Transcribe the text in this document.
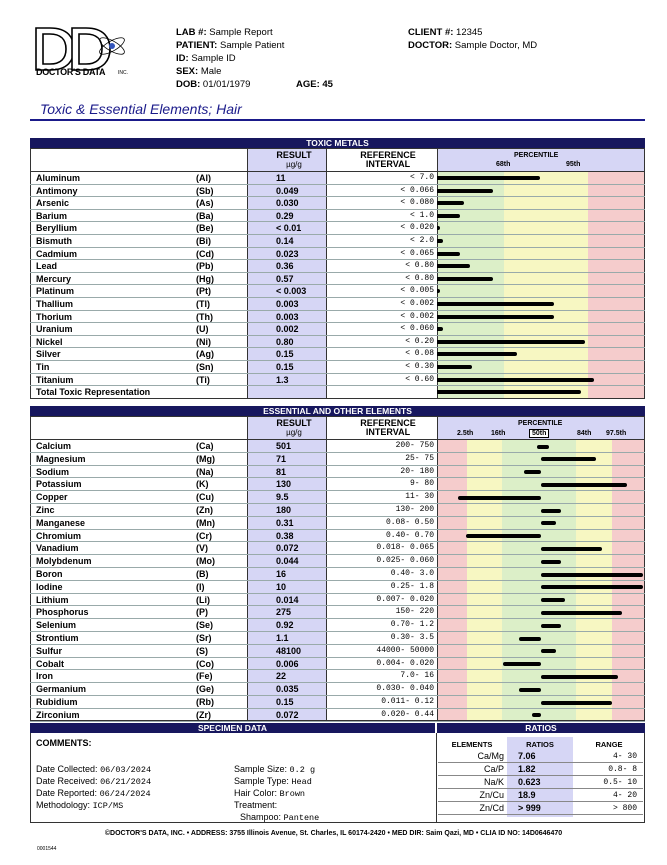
DOCTOR'S DATA	INC.
LAB #: Sample Report
PATIENT: Sample Patient
ID: Sample ID
SEX: Male
DOB: 01/01/1979	AGE: 45
CLIENT #: 12345
DOCTOR: Sample Doctor, MD
Toxic & Essential Elements; Hair
TOXIC METALS
RESULT
µg/g
REFERENCE
INTERVAL
PERCENTILE
68th	95th
Aluminum	(Al)	11	< 7.0
Antimony	(Sb)	0.049	< 0.066
Arsenic	(As)	0.030	< 0.080
Barium	(Ba)	0.29	< 1.0
Beryllium	(Be)	< 0.01	< 0.020
Bismuth	(Bi)	0.14	< 2.0
Cadmium	(Cd)	0.023	< 0.065
Lead	(Pb)	0.36	< 0.80
Mercury	(Hg)	0.57	< 0.80
Platinum	(Pt)	< 0.003	< 0.005
Thallium	(Tl)	0.003	< 0.002
Thorium	(Th)	0.003	< 0.002
Uranium	(U)	0.002	< 0.060
Nickel	(Ni)	0.80	< 0.20
Silver	(Ag)	0.15	< 0.08
Tin	(Sn)	0.15	< 0.30
Titanium	(Ti)	1.3	< 0.60
Total Toxic Representation
ESSENTIAL AND OTHER ELEMENTS
RESULT
µg/g
REFERENCE
INTERVAL
PERCENTILE
2.5th	16th	50th	84th 97.5th
Calcium	(Ca)	501	200- 750
Magnesium	(Mg)	71	25- 75
Sodium	(Na)	81	20- 180
Potassium	(K)	130	9- 80
Copper	(Cu)	9.5	11- 30
Zinc	(Zn)	180	130- 200
Manganese	(Mn)	0.31	0.08- 0.50
Chromium	(Cr)	0.38	0.40- 0.70
Vanadium	(V)	0.072	0.018- 0.065
Molybdenum	(Mo)	0.044	0.025- 0.060
Boron	(B)	16	0.40- 3.0
Iodine	(I)	10	0.25- 1.8
Lithium	(Li)	0.014	0.007- 0.020
Phosphorus	(P)	275	150- 220
Selenium	(Se)	0.92	0.70- 1.2
Strontium	(Sr)	1.1	0.30- 3.5
Sulfur	(S)	48100	44000- 50000
Cobalt	(Co)	0.006	0.004- 0.020
Iron	(Fe)	22	7.0- 16
Germanium	(Ge)	0.035	0.030- 0.040
Rubidium	(Rb)	0.15	0.011- 0.12
Zirconium	(Zr)	0.072	0.020- 0.44
SPECIMEN DATA	RATIOS
COMMENTS:
Date Collected: 06/03/2024
Date Received: 06/21/2024
Date Reported: 06/24/2024
Methodology: ICP/MS
Sample Size: 0.2 g
Sample Type: Head
Hair Color: Brown
Treatment:
Shampoo: Pantene
ELEMENTS	RATIOS	RANGE
Ca/Mg 7.06	4- 30
Ca/P 1.82	0.8- 8
Na/K 0.623	0.5- 10
Zn/Cu 18.9	4- 20
Zn/Cd > 999	> 800
©DOCTOR'S DATA, INC. • ADDRESS: 3755 Illinois Avenue, St. Charles, IL 60174-2420 • MED DIR: Saim Qazi, MD • CLIA ID NO: 14D0646470
0001544
